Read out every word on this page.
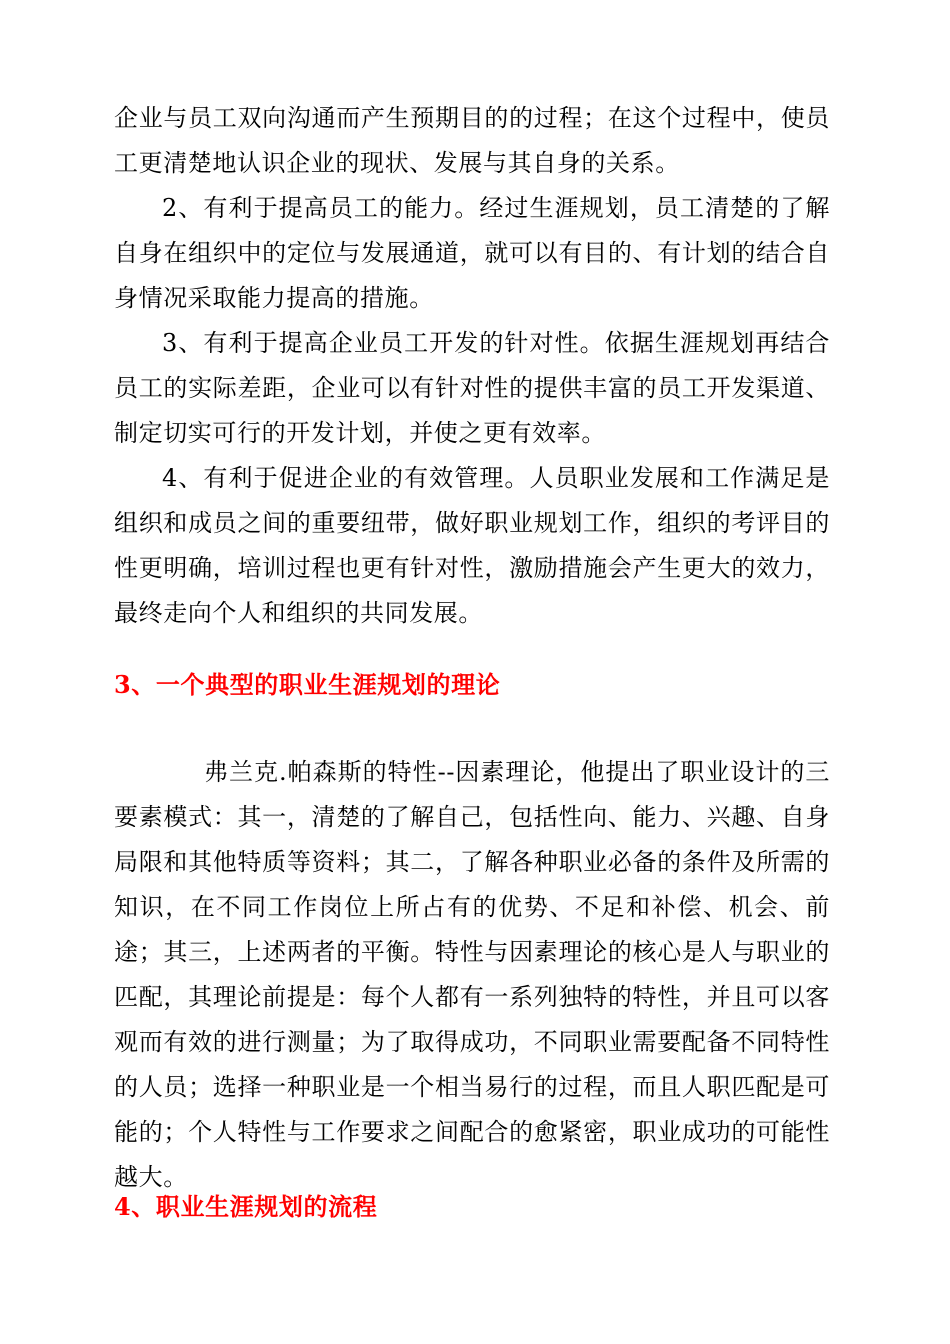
企业与员工双向沟通而产生预期目的的过程；在这个过程中，使员工更清楚地认识企业的现状、发展与其自身的关系。

2、有利于提高员工的能力。经过生涯规划，员工清楚的了解自身在组织中的定位与发展通道，就可以有目的、有计划的结合自身情况采取能力提高的措施。

3、有利于提高企业员工开发的针对性。依据生涯规划再结合员工的实际差距，企业可以有针对性的提供丰富的员工开发渠道、制定切实可行的开发计划，并使之更有效率。

4、有利于促进企业的有效管理。人员职业发展和工作满足是组织和成员之间的重要纽带，做好职业规划工作，组织的考评目的性更明确，培训过程也更有针对性，激励措施会产生更大的效力，最终走向个人和组织的共同发展。

3、一个典型的职业生涯规划的理论

弗兰克.帕森斯的特性--因素理论，他提出了职业设计的三要素模式：其一，清楚的了解自己，包括性向、能力、兴趣、自身局限和其他特质等资料；其二，了解各种职业必备的条件及所需的知识，在不同工作岗位上所占有的优势、不足和补偿、机会、前途；其三，上述两者的平衡。特性与因素理论的核心是人与职业的匹配，其理论前提是：每个人都有一系列独特的特性，并且可以客观而有效的进行测量；为了取得成功，不同职业需要配备不同特性的人员；选择一种职业是一个相当易行的过程，而且人职匹配是可能的；个人特性与工作要求之间配合的愈紧密，职业成功的可能性越大。

4、职业生涯规划的流程
